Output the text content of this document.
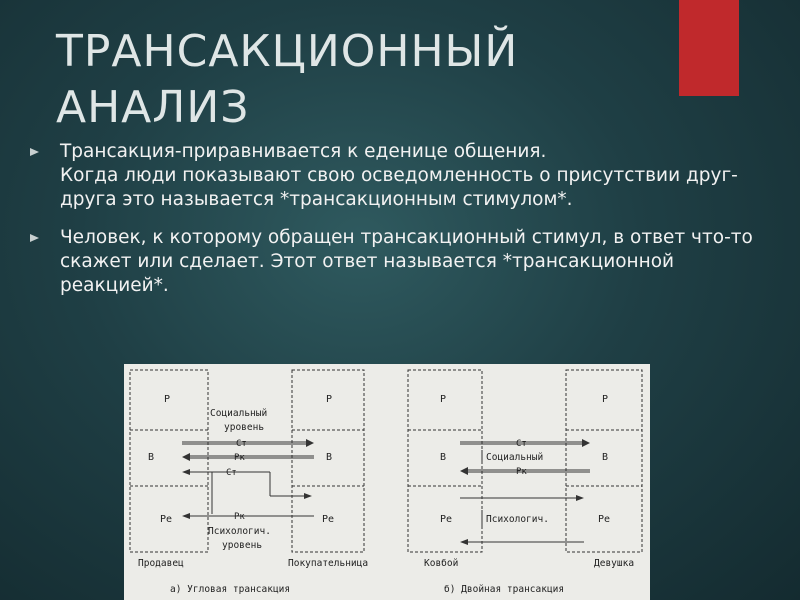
ТРАНСАКЦИОННЫЙ
АНАЛИЗ

Трансакция-приравнивается к еденице общения.
Когда люди показывают свою осведомленность о присутствии друг-друга это называется *трансакционным стимулом*.

Человек, к которому обращен трансакционный стимул, в ответ что-то скажет или сделает. Этот ответ называется *трансакционной реакцией*.

P	P
B	B
Pe	Pe
Социальный
уровень
Ст
Рк
Ст
Рк
Психологич.
уровень
Продавец	Покупательница
а) Угловая трансакция
P	P
B	B
Pe	Pe
Ст
Социальный
Рк
Психологич.
Ковбой	Девушка
б) Двойная трансакция
